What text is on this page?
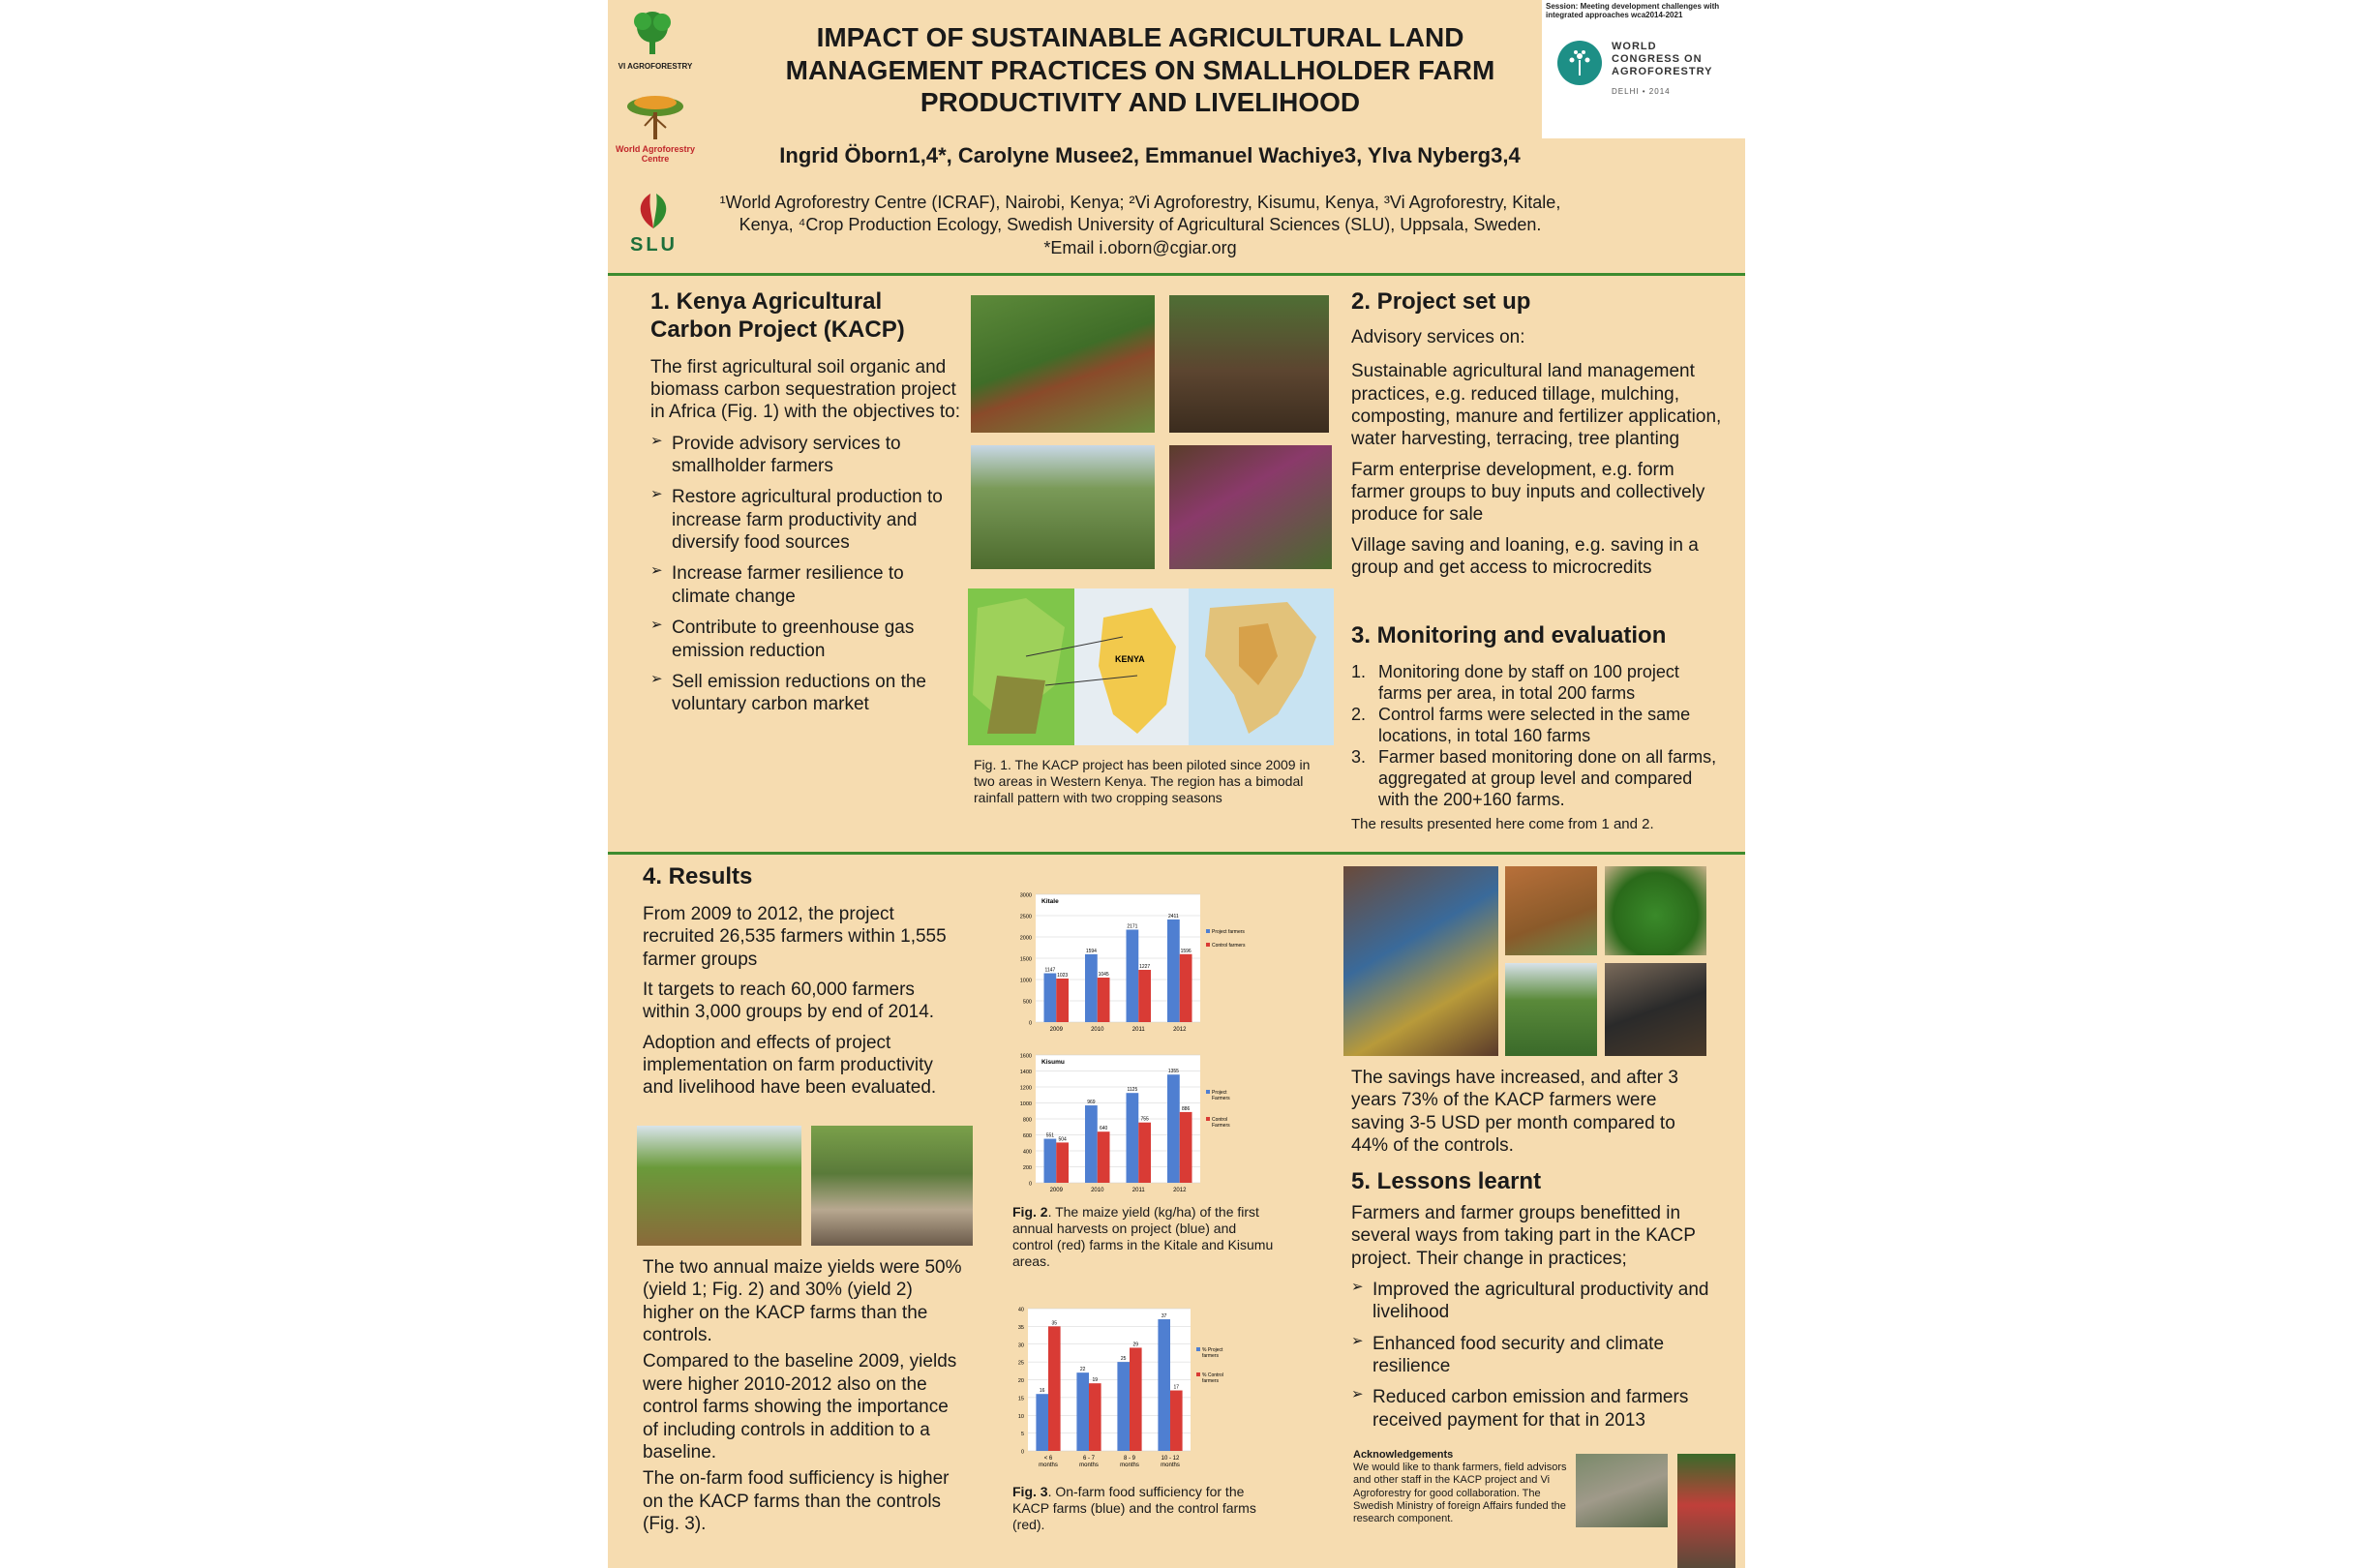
VI AGROFORESTRY
World Agroforestry Centre
SLU
IMPACT OF SUSTAINABLE AGRICULTURAL LAND MANAGEMENT PRACTICES ON SMALLHOLDER FARM PRODUCTIVITY AND LIVELIHOOD
Ingrid Öborn1,4*, Carolyne Musee2, Emmanuel Wachiye3, Ylva Nyberg3,4
¹World Agroforestry Centre (ICRAF), Nairobi, Kenya; ²Vi Agroforestry, Kisumu, Kenya, ³Vi Agroforestry, Kitale,
Kenya, ⁴Crop Production Ecology, Swedish University of Agricultural Sciences (SLU), Uppsala, Sweden.
*Email i.oborn@cgiar.org
Session: Meeting development challenges with integrated approaches wca2014-2021
WORLD
CONGRESS ON
AGROFORESTRY
DELHI • 2014
1. Kenya Agricultural Carbon Project (KACP)

The first agricultural soil organic and biomass carbon sequestration project in Africa (Fig. 1) with the objectives to:

➢ Provide advisory services to smallholder farmers
➢ Restore agricultural production to increase farm productivity and diversify food sources
➢ Increase farmer resilience to climate change
➢ Contribute to greenhouse gas emission reduction
➢ Sell emission reductions on the voluntary carbon market
KENYA

Fig. 1. The KACP project has been piloted since 2009 in two areas in Western Kenya. The region has a bimodal rainfall pattern with two cropping seasons

2. Project set up

Advisory services on:

Sustainable agricultural land management practices, e.g. reduced tillage, mulching, composting, manure and fertilizer application, water harvesting, terracing, tree planting

Farm enterprise development, e.g. form farmer groups to buy inputs and collectively produce for sale

Village saving and loaning, e.g. saving in a group and get access to microcredits

3. Monitoring and evaluation
1. Monitoring done by staff on 100 project farms per area, in total 200 farms
2. Control farms were selected in the same locations, in total 160 farms
3. Farmer based monitoring done on all farms, aggregated at group level and compared with the 200+160 farms.

The results presented here come from 1 and 2.

4. Results

From 2009 to 2012, the project recruited 26,535 farmers within 1,555 farmer groups

It targets to reach 60,000 farmers within 3,000 groups by end of 2014.

Adoption and effects of project implementation on farm productivity and livelihood have been evaluated.

The two annual maize yields were 50% (yield 1; Fig. 2) and 30% (yield 2) higher on the KACP farms than the controls.

Compared to the baseline 2009, yields were higher 2010-2012 also on the control farms showing the importance of including controls in addition to a baseline.

The on-farm food sufficiency is higher on the KACP farms than the controls (Fig. 3).

0
500
1000
1500
2000
2500
3000
Kitale
1147
1023
2009
1594
1045
2010
2171
1227
2011
2411
1596
2012
Project farmers
Control farmers
0
200
400
600
800
1000
1200
1400
1600
Kisumu
551
504
2009
969
640
2010
1125
755
2011
1355
886
2012
Project Farmers
Control Farmers

Fig. 2. The maize yield (kg/ha) of the first annual harvests on project (blue) and control (red) farms in the Kitale and Kisumu areas.

0
5
10
15
20
25
30
35
40
16
35
< 6 months
22
19
6 - 7 months
25
29
8 - 9 months
37
17
10 - 12 months
% Project farmers
% Control farmers

Fig. 3. On-farm food sufficiency for the KACP farms (blue) and the control farms (red).

The savings have increased, and after 3 years 73% of the KACP farmers were saving 3-5 USD per month compared to 44% of the controls.

5. Lessons learnt

Farmers and farmer groups benefitted in several ways from taking part in the KACP project. Their change in practices;

➢ Improved the agricultural productivity and livelihood
➢ Enhanced food security and climate resilience
➢ Reduced carbon emission and farmers received payment for that in 2013
Acknowledgements
We would like to thank farmers, field advisors and other staff in the KACP project and Vi Agroforestry for good collaboration. The Swedish Ministry of foreign Affairs funded the research component.
